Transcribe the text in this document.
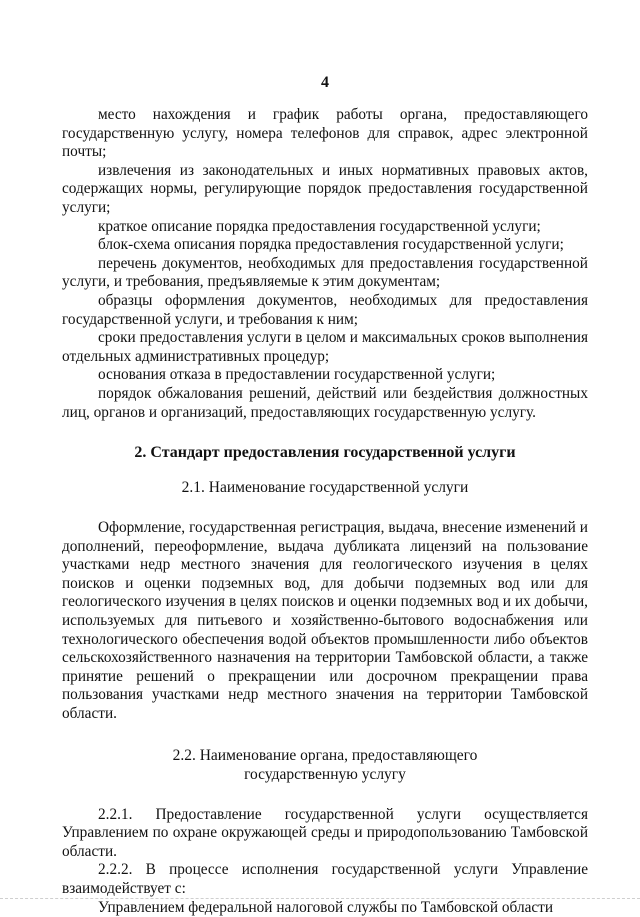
4

место нахождения и график работы органа, предоставляющего государственную услугу, номера телефонов для справок, адрес электронной почты;

извлечения из законодательных и иных нормативных правовых актов, содержащих нормы, регулирующие порядок предоставления государственной услуги;

краткое описание порядка предоставления государственной услуги;

блок-схема описания порядка предоставления государственной услуги;

перечень документов, необходимых для предоставления государственной услуги, и требования, предъявляемые к этим документам;

образцы оформления документов, необходимых для предоставления государственной услуги, и требования к ним;

сроки предоставления услуги в целом и максимальных сроков выполнения отдельных административных процедур;

основания отказа в предоставлении государственной услуги;

порядок обжалования решений, действий или бездействия должностных лиц, органов и организаций, предоставляющих государственную услугу.

2. Стандарт предоставления государственной услуги
2.1. Наименование государственной услуги

Оформление, государственная регистрация, выдача, внесение изменений и дополнений, переоформление, выдача дубликата лицензий на пользование участками недр местного значения для геологического изучения в целях поисков и оценки подземных вод, для добычи подземных вод или для геологического изучения в целях поисков и оценки подземных вод и их добычи, используемых для питьевого и хозяйственно-бытового водоснабжения или технологического обеспечения водой объектов промышленности либо объектов сельскохозяйственного назначения на территории Тамбовской области, а также принятие решений о прекращении или досрочном прекращении права пользования участками недр местного значения на территории Тамбовской области.

2.2. Наименование органа, предоставляющего
государственную услугу

2.2.1. Предоставление государственной услуги осуществляется Управлением по охране окружающей среды и природопользованию Тамбовской области.

2.2.2. В процессе исполнения государственной услуги Управление взаимодействует с:

Управлением федеральной налоговой службы по Тамбовской области
